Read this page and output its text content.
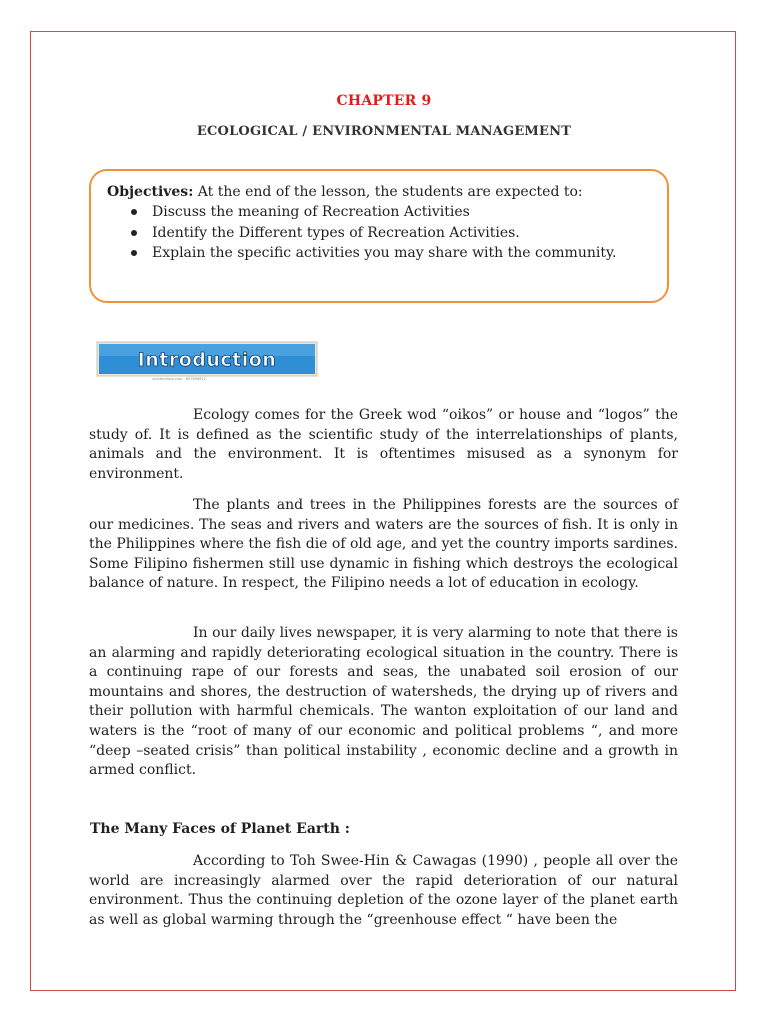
CHAPTER 9
ECOLOGICAL / ENVIRONMENTAL MANAGEMENT
Objectives: At the end of the lesson, the students are expected to:
Discuss the meaning of Recreation Activities
Identify the Different types of Recreation Activities.
Explain the specific activities you may share with the community.
Introduction
shutterstock.com · 807896812

Ecology comes for the Greek wod “oikos” or house and “logos” the study of. It is defined as the scientific study of the interrelationships of plants, animals and the environment. It is oftentimes misused as a synonym for environment.

The plants and trees in the Philippines forests are the sources of our medicines. The seas and rivers and waters are the sources of fish. It is only in the Philippines where the fish die of old age, and yet the country imports sardines. Some Filipino fishermen still use dynamic in fishing which destroys the ecological balance of nature. In respect, the Filipino needs a lot of education in ecology.

In our daily lives newspaper, it is very alarming to note that there is an alarming and rapidly deteriorating ecological situation in the country. There is a continuing rape of our forests and seas, the unabated soil erosion of our mountains and shores, the destruction of watersheds, the drying up of rivers and their pollution with harmful chemicals. The wanton exploitation of our land and waters is the “root of many of our economic and political problems “, and more “deep –seated crisis” than political instability , economic decline and a growth in armed conflict.

The Many Faces of Planet Earth :

According to Toh Swee-Hin & Cawagas (1990) , people all over the world are increasingly alarmed over the rapid deterioration of our natural environment. Thus the continuing depletion of the ozone layer of the planet earth as well as global warming through the “greenhouse effect “ have been the
